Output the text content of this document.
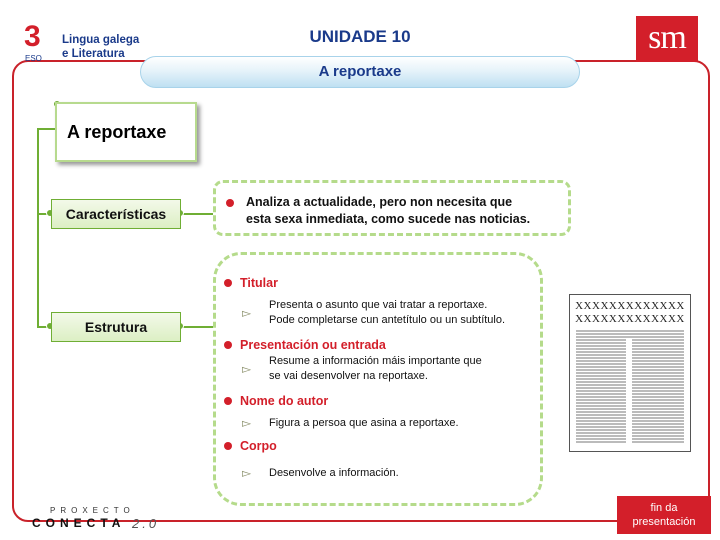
3
ESO
Lingua galega
e Literatura
UNIDADE 10	sm
A reportaxe
A reportaxe
Características
Estrutura
Analiza a actualidade, pero non necesita que
esta sexa inmediata, como sucede nas noticias.
Titular
▻
Presenta o asunto que vai tratar a reportaxe.
Pode completarse cun antetítulo ou un subtítulo.
Presentación ou entrada
▻
Resume a información máis importante que
se vai desenvolver na reportaxe.
Nome do autor
▻ Figura a persoa que asina a reportaxe.
Corpo
▻ Desenvolve a información.
XXXXXXXXXXXXX
XXXXXXXXXXXXX
PROXECTO
CONECTA 2.0
fin da
presentación
